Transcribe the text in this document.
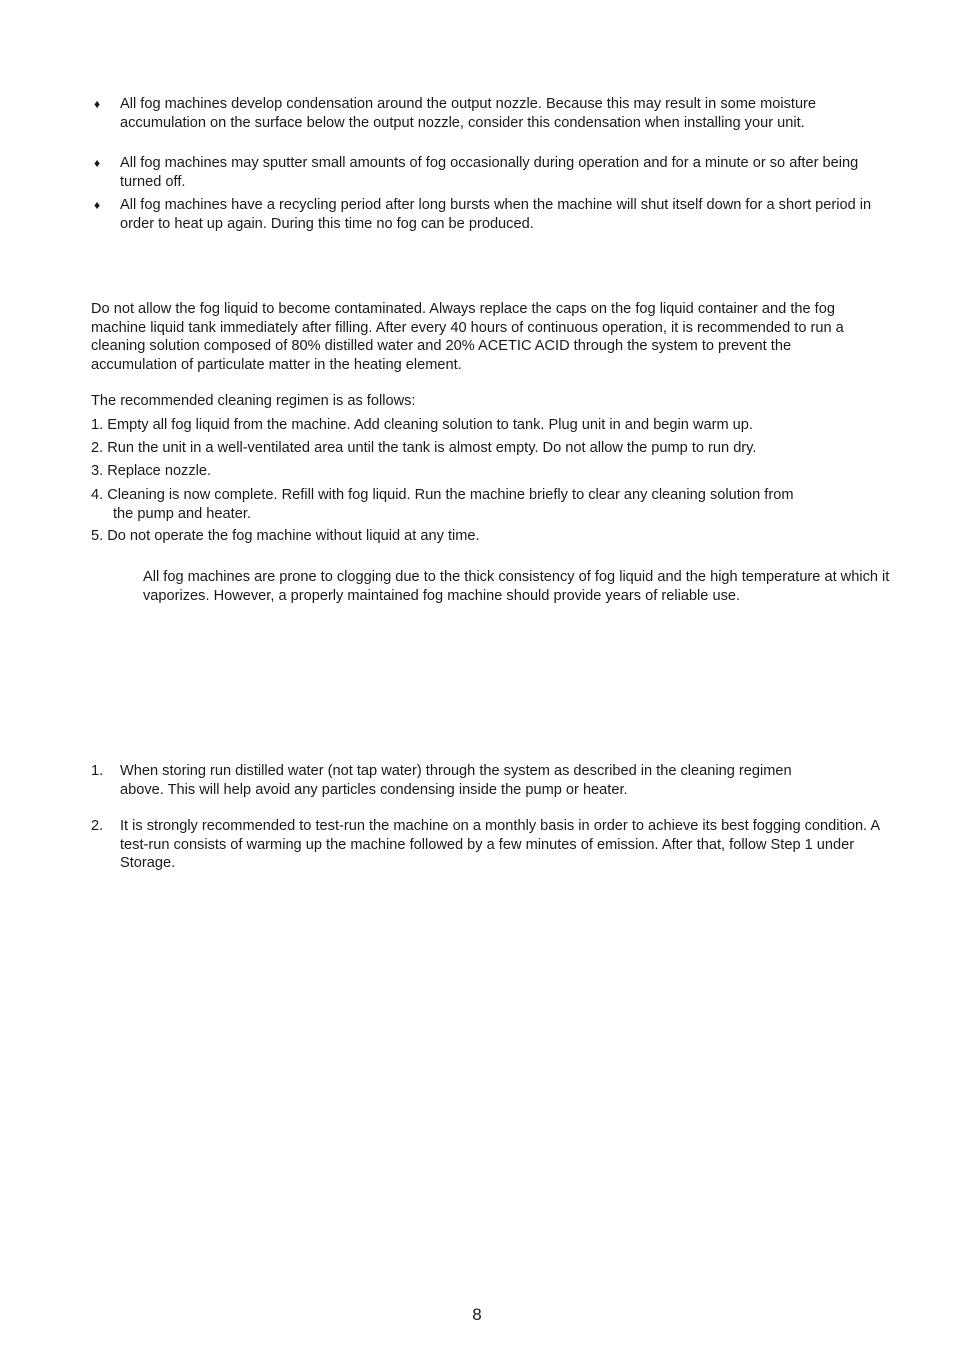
♦ All fog machines develop condensation around the output nozzle. Because this may result in some moisture accumulation on the surface below the output nozzle, consider this condensation when installing your unit.
♦ All fog machines may sputter small amounts of fog occasionally during operation and for a minute or so after being turned off.
♦ All fog machines have a recycling period after long bursts when the machine will shut itself down for a short period in order to heat up again. During this time no fog can be produced.
Do not allow the fog liquid to become contaminated. Always replace the caps on the fog liquid container and the fog machine liquid tank immediately after filling. After every 40 hours of continuous operation, it is recommended to run a cleaning solution composed of 80% distilled water and 20% ACETIC ACID through the system to prevent the accumulation of particulate matter in the heating element.
The recommended cleaning regimen is as follows:
1. Empty all fog liquid from the machine. Add cleaning solution to tank. Plug unit in and begin warm up.
2. Run the unit in a well-ventilated area until the tank is almost empty. Do not allow the pump to run dry.
3. Replace nozzle.
4. Cleaning is now complete. Refill with fog liquid. Run the machine briefly to clear any cleaning solution from
the pump and heater.
5. Do not operate the fog machine without liquid at any time.
All fog machines are prone to clogging due to the thick consistency of fog liquid and the high temperature at which it vaporizes. However, a properly maintained fog machine should provide years of reliable use.
1. When storing run distilled water (not tap water) through the system as described in the cleaning regimen above. This will help avoid any particles condensing inside the pump or heater.
2. It is strongly recommended to test-run the machine on a monthly basis in order to achieve its best fogging condition. A test-run consists of warming up the machine followed by a few minutes of emission. After that, follow Step 1 under Storage.
8
